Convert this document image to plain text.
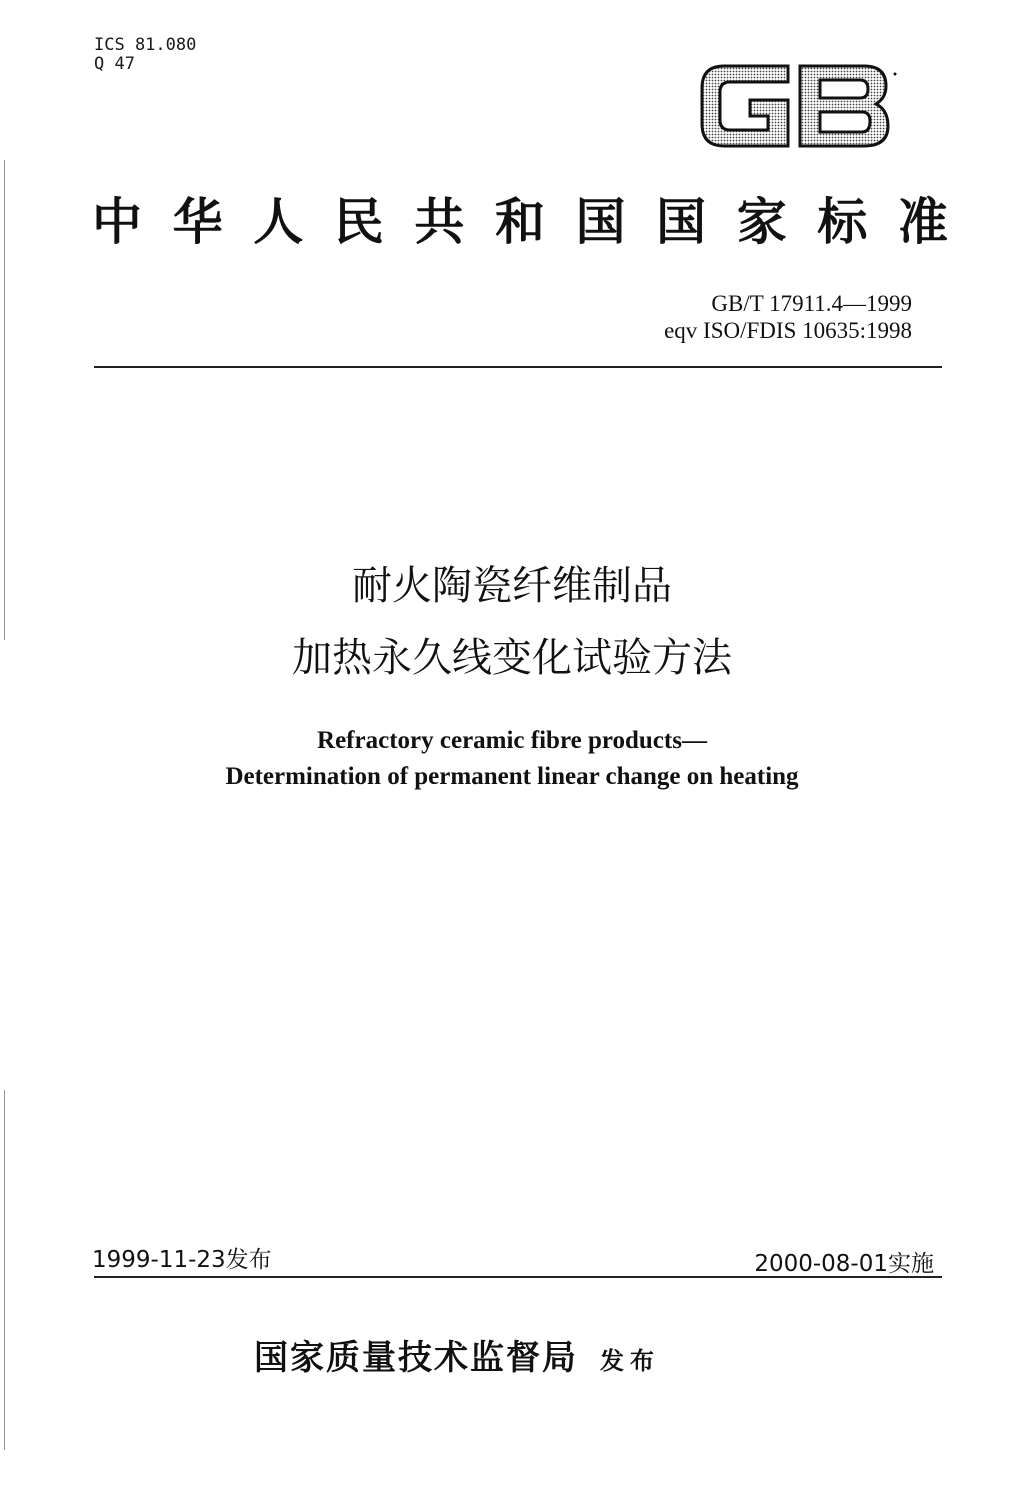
ICS 81.080
Q 47
中 华 人 民 共 和 国 国 家 标 准
GB/T 17911.4—1999
eqv ISO/FDIS 10635:1998
耐火陶瓷纤维制品
加热永久线变化试验方法
Refractory ceramic fibre products—
Determination of permanent linear change on heating
1999-11-23发布	2000-08-01实施
国家质量技术监督局 发布
